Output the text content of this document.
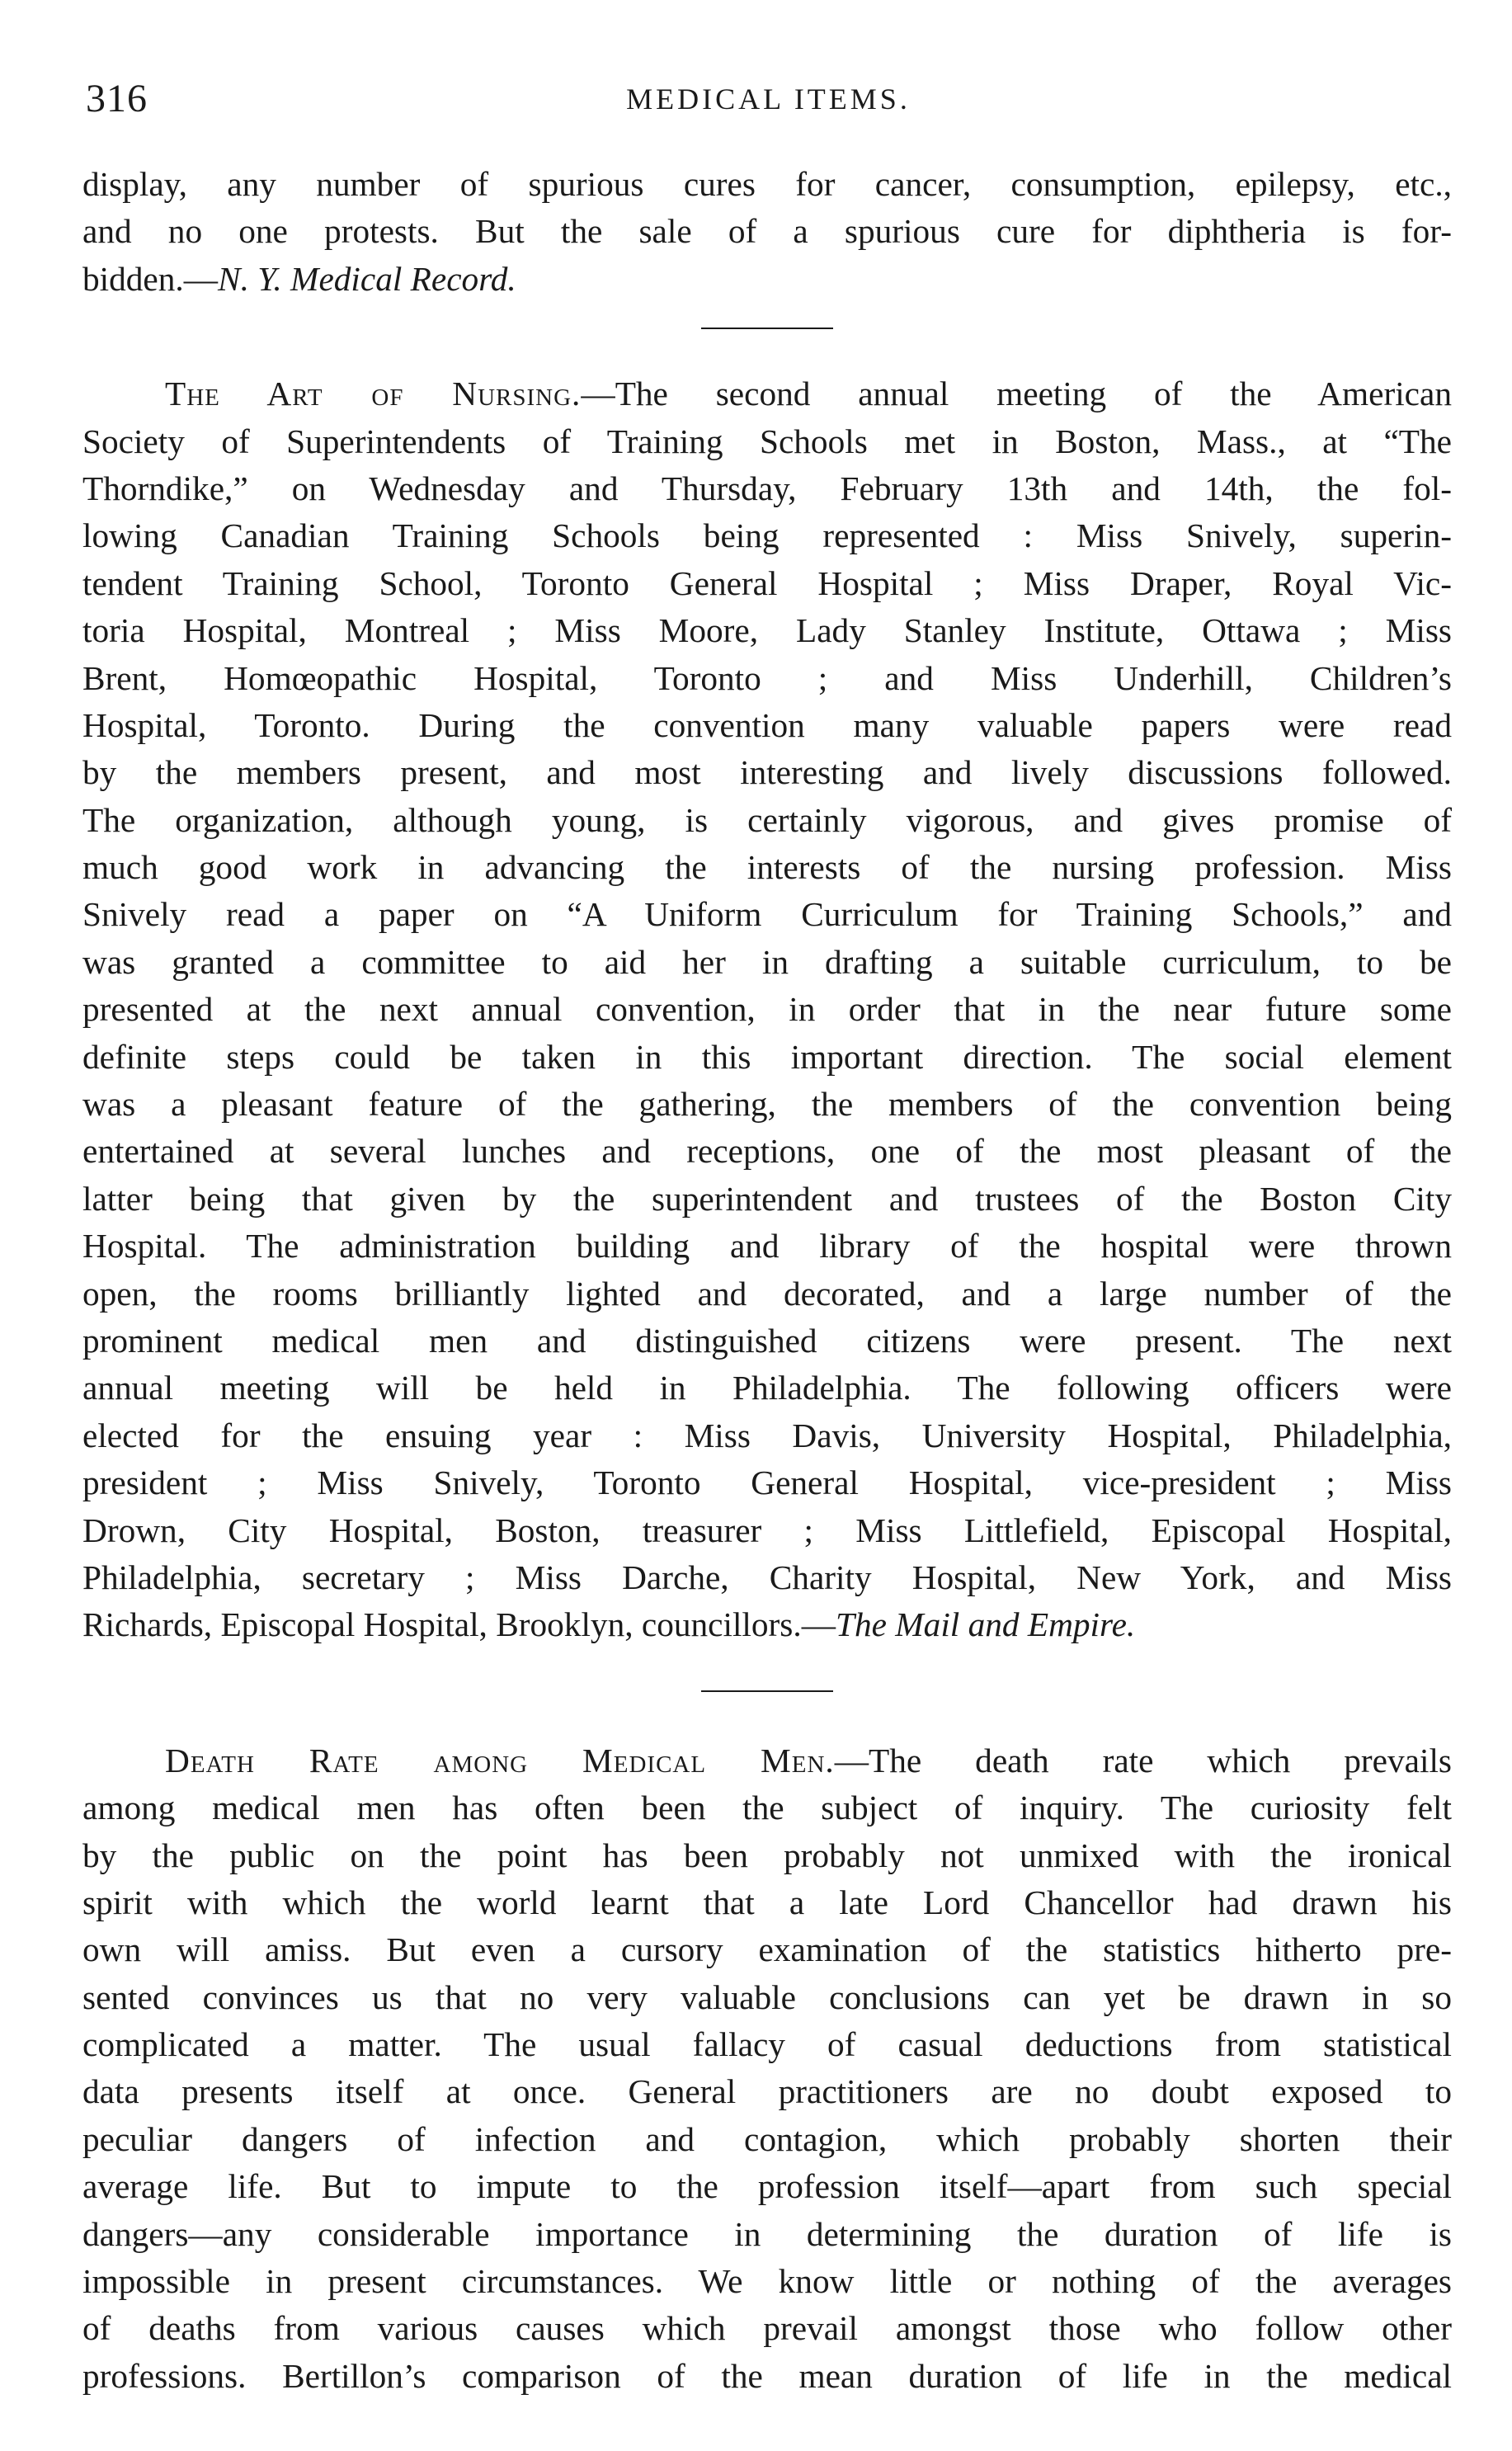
316	MEDICAL ITEMS.
display, any number of spurious cures for cancer, consumption, epilepsy, etc.,
and no one protests. But the sale of a spurious cure for diphtheria is for-
bidden.—N. Y. Medical Record.
The Art of Nursing.—The second annual meeting of the American
Society of Superintendents of Training Schools met in Boston, Mass., at “The
Thorndike,” on Wednesday and Thursday, February 13th and 14th, the fol-
lowing Canadian Training Schools being represented : Miss Snively, superin-
tendent Training School, Toronto General Hospital ; Miss Draper, Royal Vic-
toria Hospital, Montreal ; Miss Moore, Lady Stanley Institute, Ottawa ; Miss
Brent, Homœopathic Hospital, Toronto ; and Miss Underhill, Children’s
Hospital, Toronto. During the convention many valuable papers were read
by the members present, and most interesting and lively discussions followed.
The organization, although young, is certainly vigorous, and gives promise of
much good work in advancing the interests of the nursing profession. Miss
Snively read a paper on “A Uniform Curriculum for Training Schools,” and
was granted a committee to aid her in drafting a suitable curriculum, to be
presented at the next annual convention, in order that in the near future some
definite steps could be taken in this important direction. The social element
was a pleasant feature of the gathering, the members of the convention being
entertained at several lunches and receptions, one of the most pleasant of the
latter being that given by the superintendent and trustees of the Boston City
Hospital. The administration building and library of the hospital were thrown
open, the rooms brilliantly lighted and decorated, and a large number of the
prominent medical men and distinguished citizens were present. The next
annual meeting will be held in Philadelphia. The following officers were
elected for the ensuing year : Miss Davis, University Hospital, Philadelphia,
president ; Miss Snively, Toronto General Hospital, vice-president ; Miss
Drown, City Hospital, Boston, treasurer ; Miss Littlefield, Episcopal Hospital,
Philadelphia, secretary ; Miss Darche, Charity Hospital, New York, and Miss
Richards, Episcopal Hospital, Brooklyn, councillors.—The Mail and Empire.
Death Rate among Medical Men.—The death rate which prevails
among medical men has often been the subject of inquiry. The curiosity felt
by the public on the point has been probably not unmixed with the ironical
spirit with which the world learnt that a late Lord Chancellor had drawn his
own will amiss. But even a cursory examination of the statistics hitherto pre-
sented convinces us that no very valuable conclusions can yet be drawn in so
complicated a matter. The usual fallacy of casual deductions from statistical
data presents itself at once. General practitioners are no doubt exposed to
peculiar dangers of infection and contagion, which probably shorten their
average life. But to impute to the profession itself—apart from such special
dangers—any considerable importance in determining the duration of life is
impossible in present circumstances. We know little or nothing of the averages
of deaths from various causes which prevail amongst those who follow other
professions. Bertillon’s comparison of the mean duration of life in the medical
